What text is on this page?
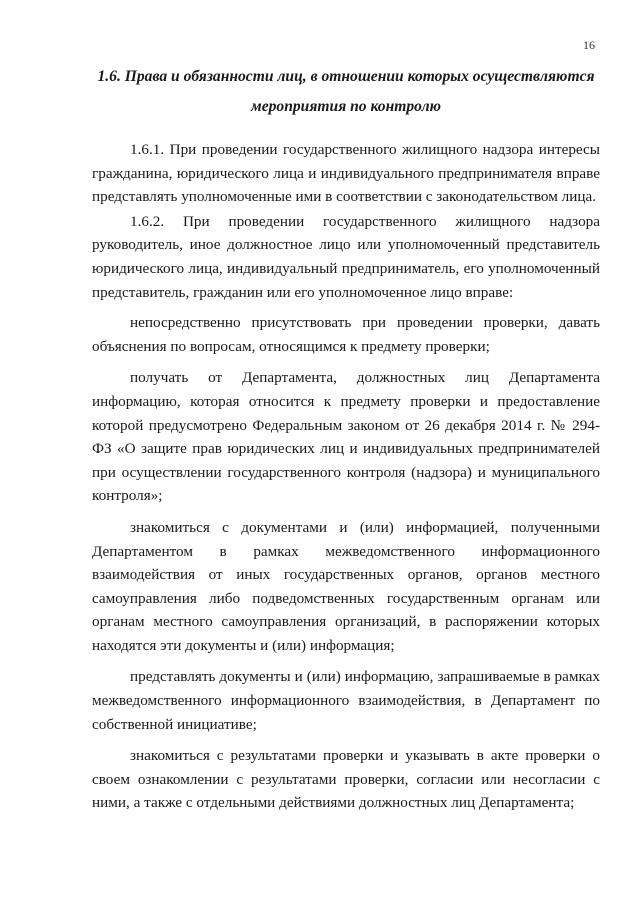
16
1.6. Права и обязанности лиц, в отношении которых осуществляются мероприятия по контролю

1.6.1. При проведении государственного жилищного надзора интересы гражданина, юридического лица и индивидуального предпринимателя вправе представлять уполномоченные ими в соответствии с законодательством лица.

1.6.2. При проведении государственного жилищного надзора руководитель, иное должностное лицо или уполномоченный представитель юридического лица, индивидуальный предприниматель, его уполномоченный представитель, гражданин или его уполномоченное лицо вправе:

непосредственно присутствовать при проведении проверки, давать объяснения по вопросам, относящимся к предмету проверки;

получать от Департамента, должностных лиц Департамента информацию, которая относится к предмету проверки и предоставление которой предусмотрено Федеральным законом от 26 декабря 2014 г. № 294-ФЗ «О защите прав юридических лиц и индивидуальных предпринимателей при осуществлении государственного контроля (надзора) и муниципального контроля»;

знакомиться с документами и (или) информацией, полученными Департаментом в рамках межведомственного информационного взаимодействия от иных государственных органов, органов местного самоуправления либо подведомственных государственным органам или органам местного самоуправления организаций, в распоряжении которых находятся эти документы и (или) информация;

представлять документы и (или) информацию, запрашиваемые в рамках межведомственного информационного взаимодействия, в Департамент по собственной инициативе;

знакомиться с результатами проверки и указывать в акте проверки о своем ознакомлении с результатами проверки, согласии или несогласии с ними, а также с отдельными действиями должностных лиц Департамента;
